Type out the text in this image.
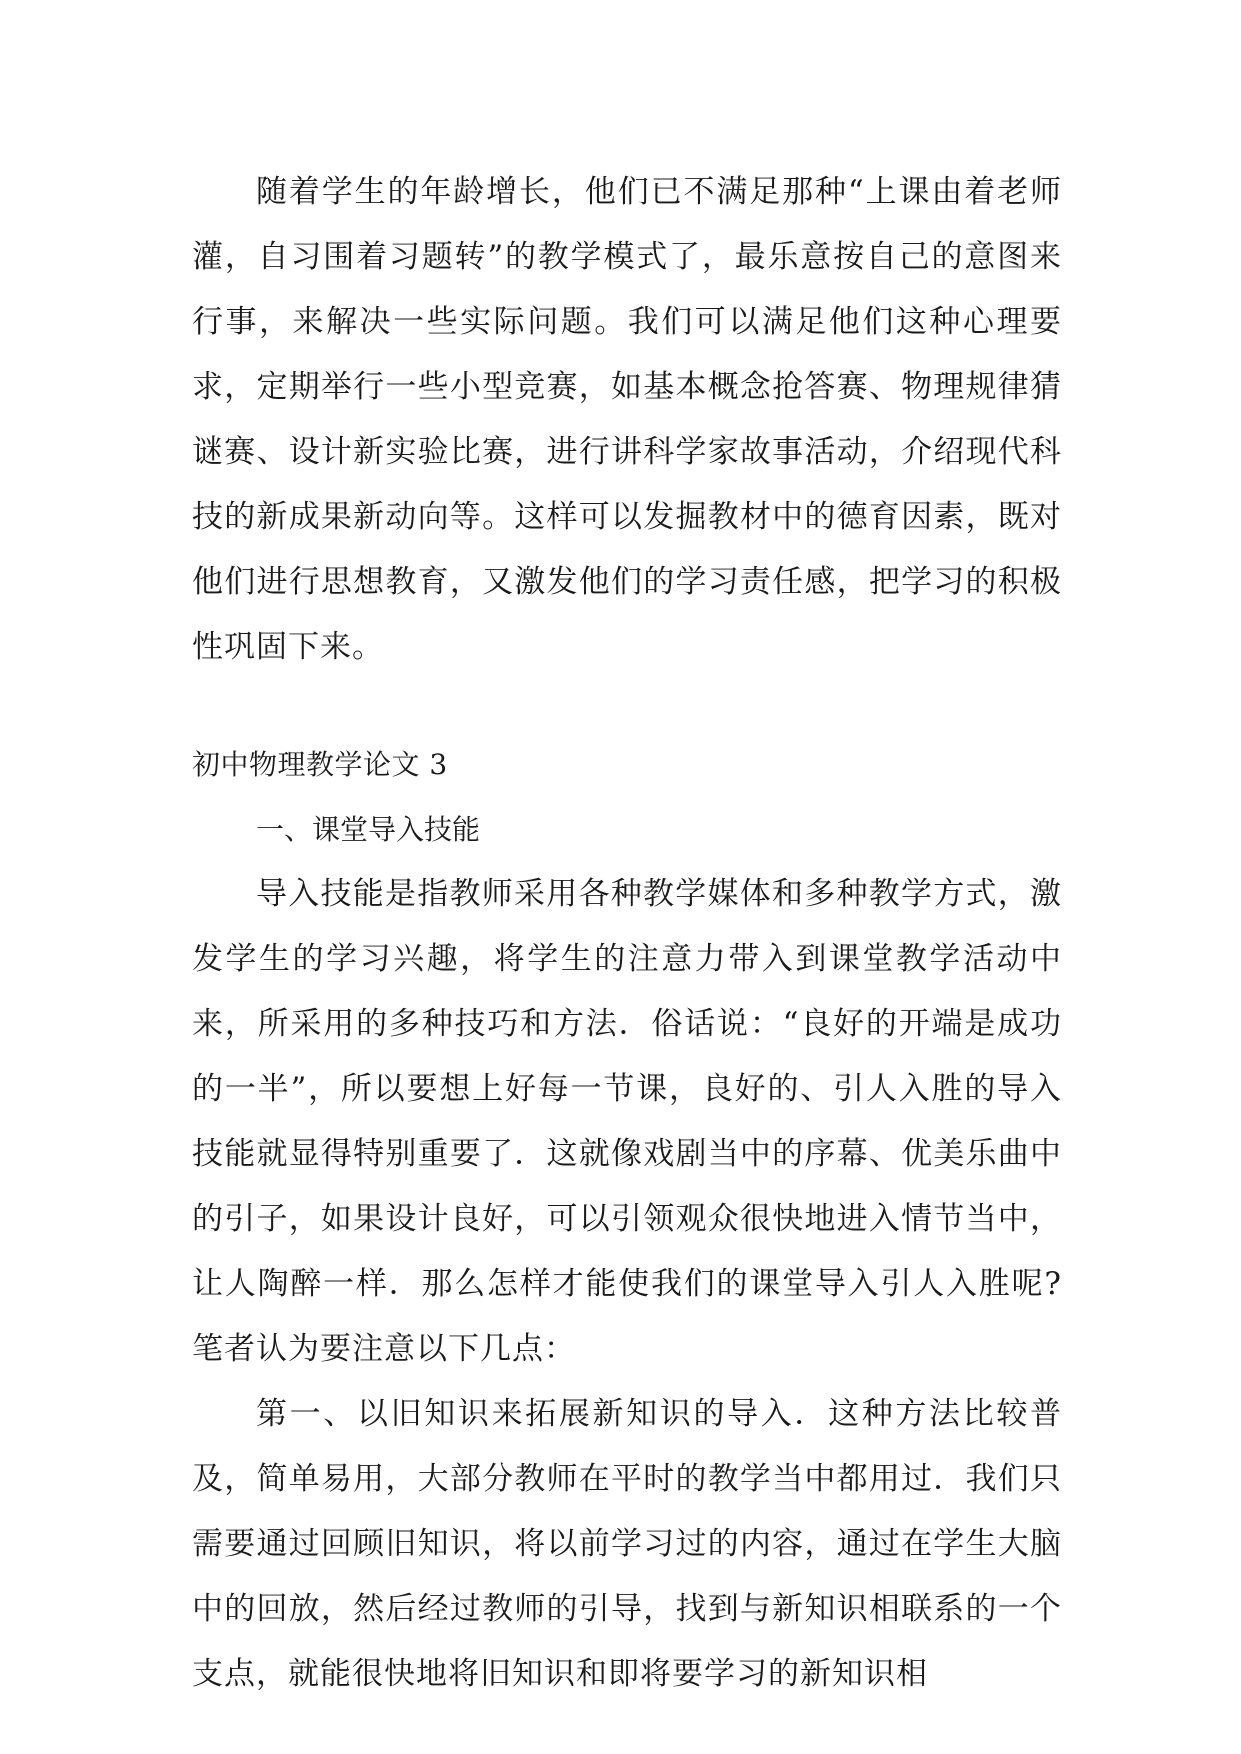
随着学生的年龄增长，他们已不满足那种“上课由着老师灌，自习围着习题转”的教学模式了，最乐意按自己的意图来行事，来解决一些实际问题。我们可以满足他们这种心理要求，定期举行一些小型竞赛，如基本概念抢答赛、物理规律猜谜赛、设计新实验比赛，进行讲科学家故事活动，介绍现代科技的新成果新动向等。这样可以发掘教材中的德育因素，既对他们进行思想教育，又激发他们的学习责任感，把学习的积极性巩固下来。

初中物理教学论文 3

一、课堂导入技能

导入技能是指教师采用各种教学媒体和多种教学方式，激发学生的学习兴趣，将学生的注意力带入到课堂教学活动中来，所采用的多种技巧和方法．俗话说：“良好的开端是成功的一半”，所以要想上好每一节课，良好的、引人入胜的导入技能就显得特别重要了．这就像戏剧当中的序幕、优美乐曲中的引子，如果设计良好，可以引领观众很快地进入情节当中，让人陶醉一样．那么怎样才能使我们的课堂导入引人入胜呢?笔者认为要注意以下几点：

第一、以旧知识来拓展新知识的导入．这种方法比较普及，简单易用，大部分教师在平时的教学当中都用过．我们只需要通过回顾旧知识，将以前学习过的内容，通过在学生大脑中的回放，然后经过教师的引导，找到与新知识相联系的一个支点，就能很快地将旧知识和即将要学习的新知识相
